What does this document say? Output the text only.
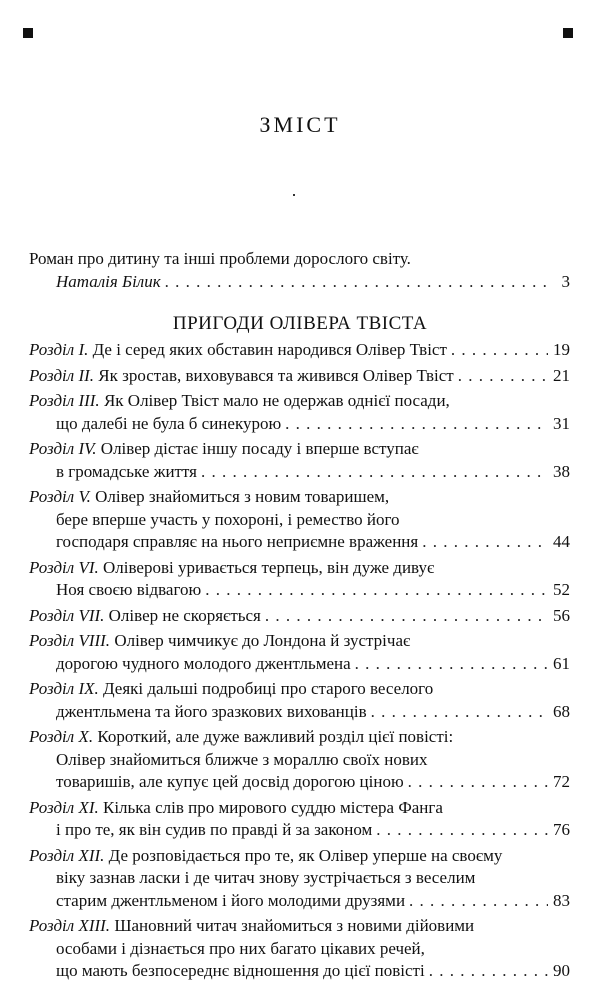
ЗМІСТ
Роман про дитину та інші проблеми дорослого світу.
Наталія Білик . . .	3
ПРИГОДИ ОЛІВЕРА ТВІСТА
Розділ I. Де і серед яких обставин народився Олівер Твіст . . .	19
Розділ II. Як зростав, виховувався та живився Олівер Твіст . . .	21
Розділ III. Як Олівер Твіст мало не одержав однієї посади,
що далебі не була б синекурою . . .	31
Розділ IV. Олівер дістає іншу посаду і вперше вступає
в громадське життя . . .	38
Розділ V. Олівер знайомиться з новим товаришем,
бере вперше участь у похороні, і ремество його
господаря справляє на нього неприємне враження . . .	44
Розділ VI. Оліверові уривається терпець, він дуже дивує
Ноя своєю відвагою . . .	52
Розділ VII. Олівер не скоряється . . .	56
Розділ VIII. Олівер чимчикує до Лондона й зустрічає
дорогою чудного молодого джентльмена . . .	61
Розділ IX. Деякі дальші подробиці про старого веселого
джентльмена та його зразкових вихованців . . .	68
Розділ X. Короткий, але дуже важливий розділ цієї повісті:
Олівер знайомиться ближче з мораллю своїх нових
товаришів, але купує цей досвід дорогою ціною . . .	72
Розділ XI. Кілька слів про мирового суддю містера Фанга
і про те, як він судив по правді й за законом . . .	76
Розділ XII. Де розповідається про те, як Олівер уперше на своєму
віку зазнав ласки і де читач знову зустрічається з веселим
старим джентльменом і його молодими друзями . . .	83
Розділ XIII. Шановний читач знайомиться з новими дійовими
особами і дізнається про них багато цікавих речей,
що мають безпосереднє відношення до цієї повісті . . .	90
